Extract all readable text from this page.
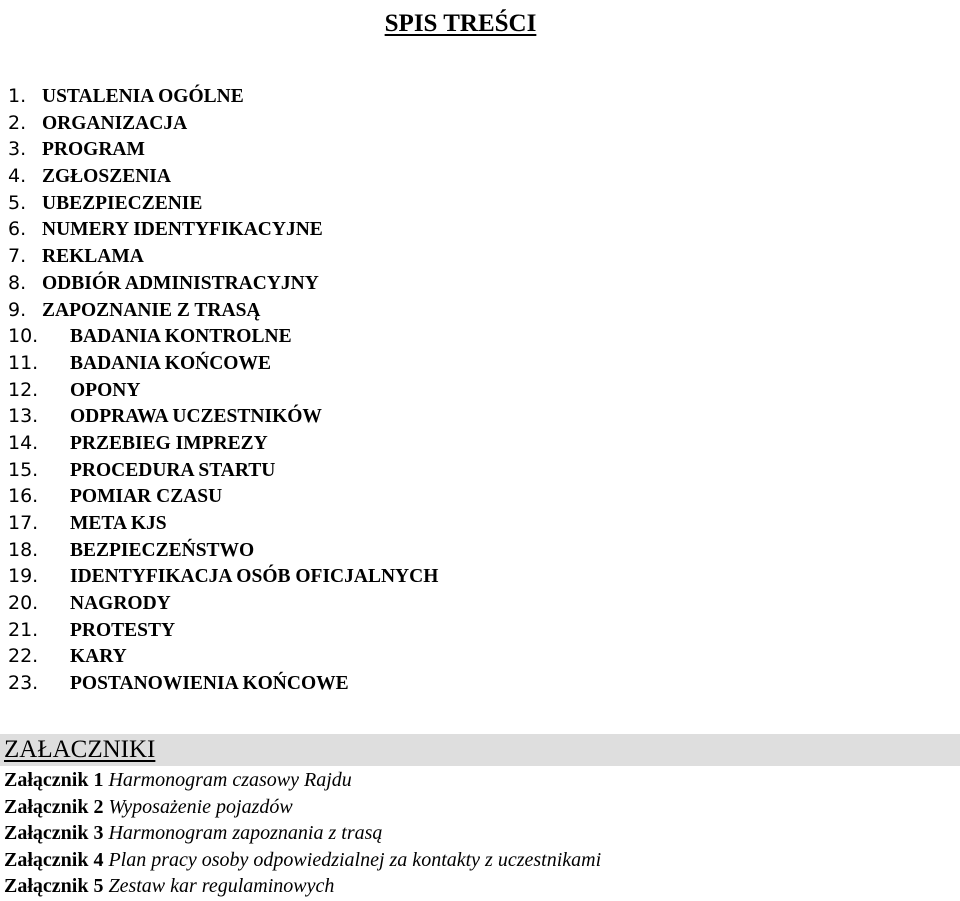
SPIS TREŚCI
1. USTALENIA OGÓLNE
2. ORGANIZACJA
3. PROGRAM
4. ZGŁOSZENIA
5. UBEZPIECZENIE
6. NUMERY IDENTYFIKACYJNE
7. REKLAMA
8. ODBIÓR ADMINISTRACYJNY
9. ZAPOZNANIE Z TRASĄ
10.	BADANIA KONTROLNE
11.	BADANIA KOŃCOWE
12.	OPONY
13.	ODPRAWA UCZESTNIKÓW
14.	PRZEBIEG IMPREZY
15.	PROCEDURA STARTU
16.	POMIAR CZASU
17.	META KJS
18.	BEZPIECZEŃSTWO
19.	IDENTYFIKACJA OSÓB OFICJALNYCH
20.	NAGRODY
21.	PROTESTY
22.	KARY
23.	POSTANOWIENIA KOŃCOWE
ZAŁACZNIKI
Załącznik 1 Harmonogram czasowy Rajdu
Załącznik 2 Wyposażenie pojazdów
Załącznik 3 Harmonogram zapoznania z trasą
Załącznik 4 Plan pracy osoby odpowiedzialnej za kontakty z uczestnikami
Załącznik 5 Zestaw kar regulaminowych
